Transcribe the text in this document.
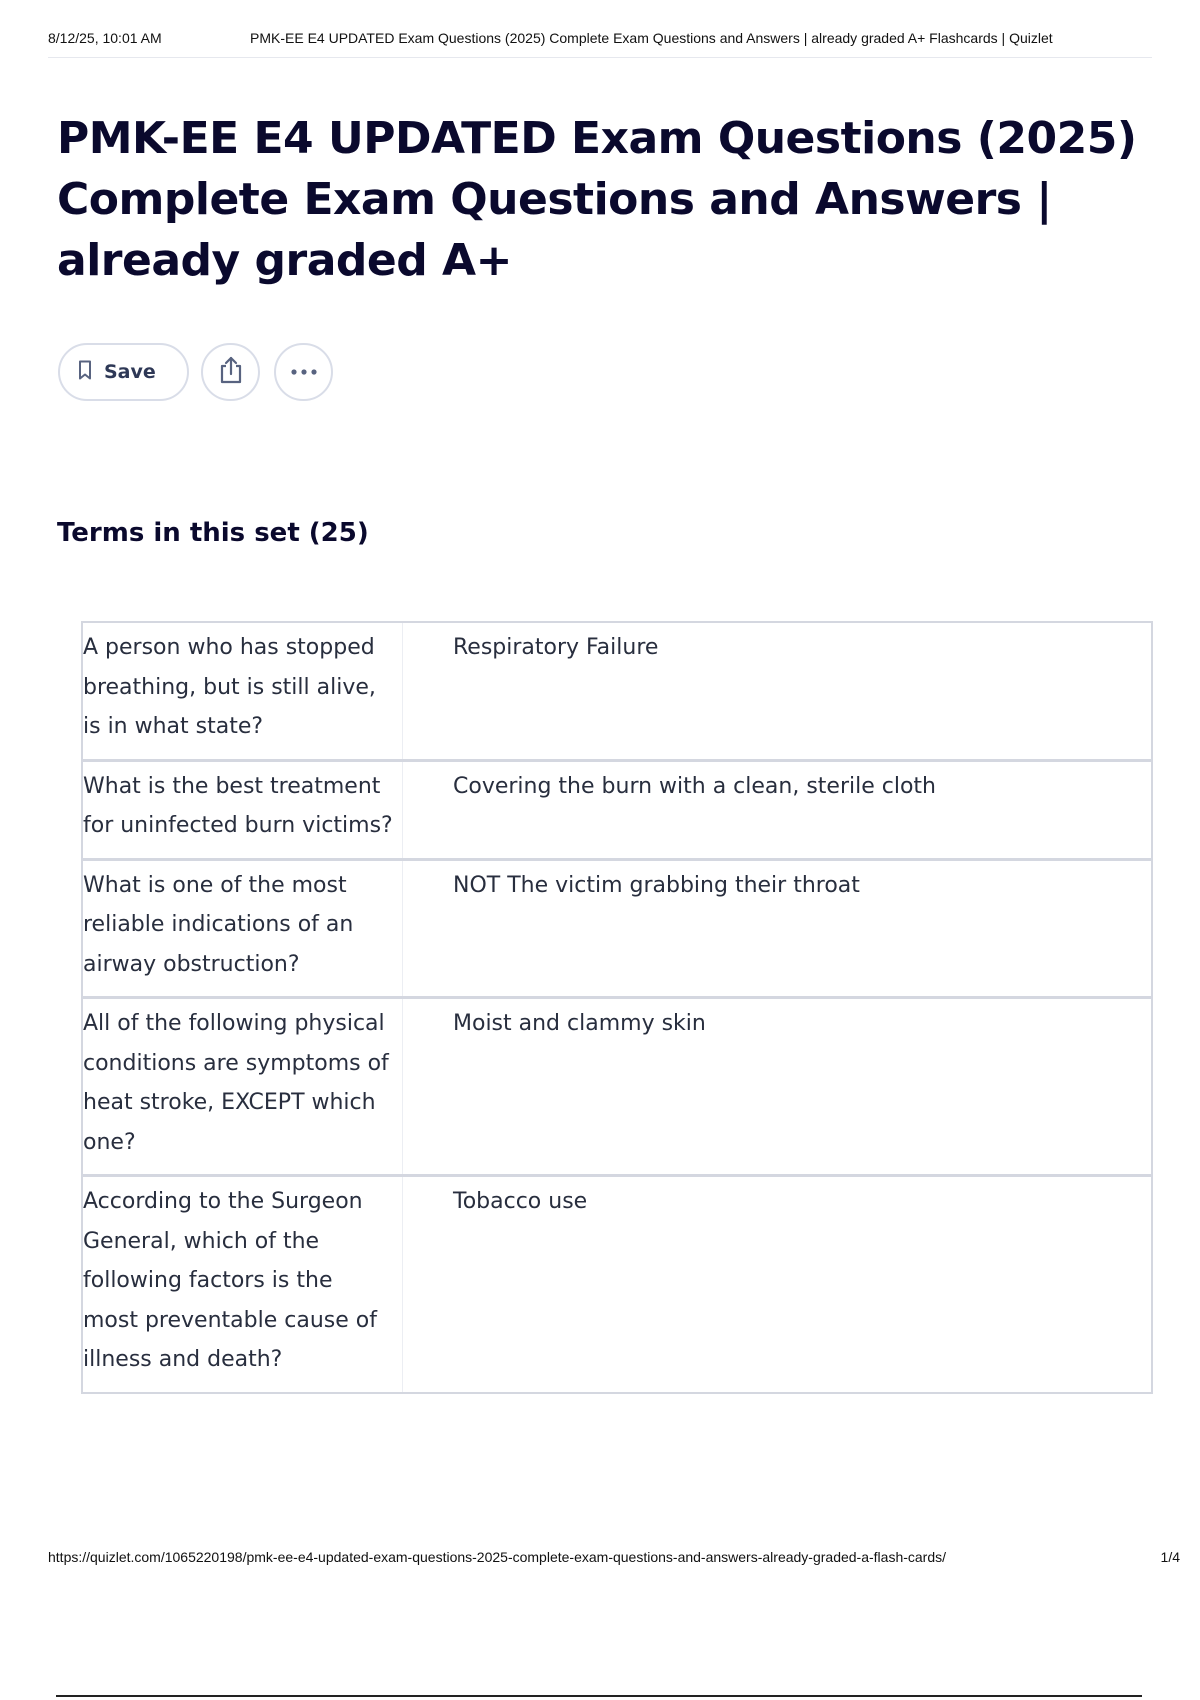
8/12/25, 10:01 AM	PMK-EE E4 UPDATED Exam Questions (2025) Complete Exam Questions and Answers | already graded A+ Flashcards | Quizlet
PMK-EE E4 UPDATED Exam Questions (2025) Complete Exam Questions and Answers | already graded A+
Save
Terms in this set (25)
A person who has stopped breathing, but is still alive, is in what state?
Respiratory Failure
What is the best treatment for uninfected burn victims?
Covering the burn with a clean, sterile cloth
What is one of the most reliable indications of an airway obstruction?
NOT The victim grabbing their throat
All of the following physical conditions are symptoms of heat stroke, EXCEPT which one?
Moist and clammy skin
According to the Surgeon General, which of the following factors is the most preventable cause of illness and death?
Tobacco use
https://quizlet.com/1065220198/pmk-ee-e4-updated-exam-questions-2025-complete-exam-questions-and-answers-already-graded-a-flash-cards/	1/4
